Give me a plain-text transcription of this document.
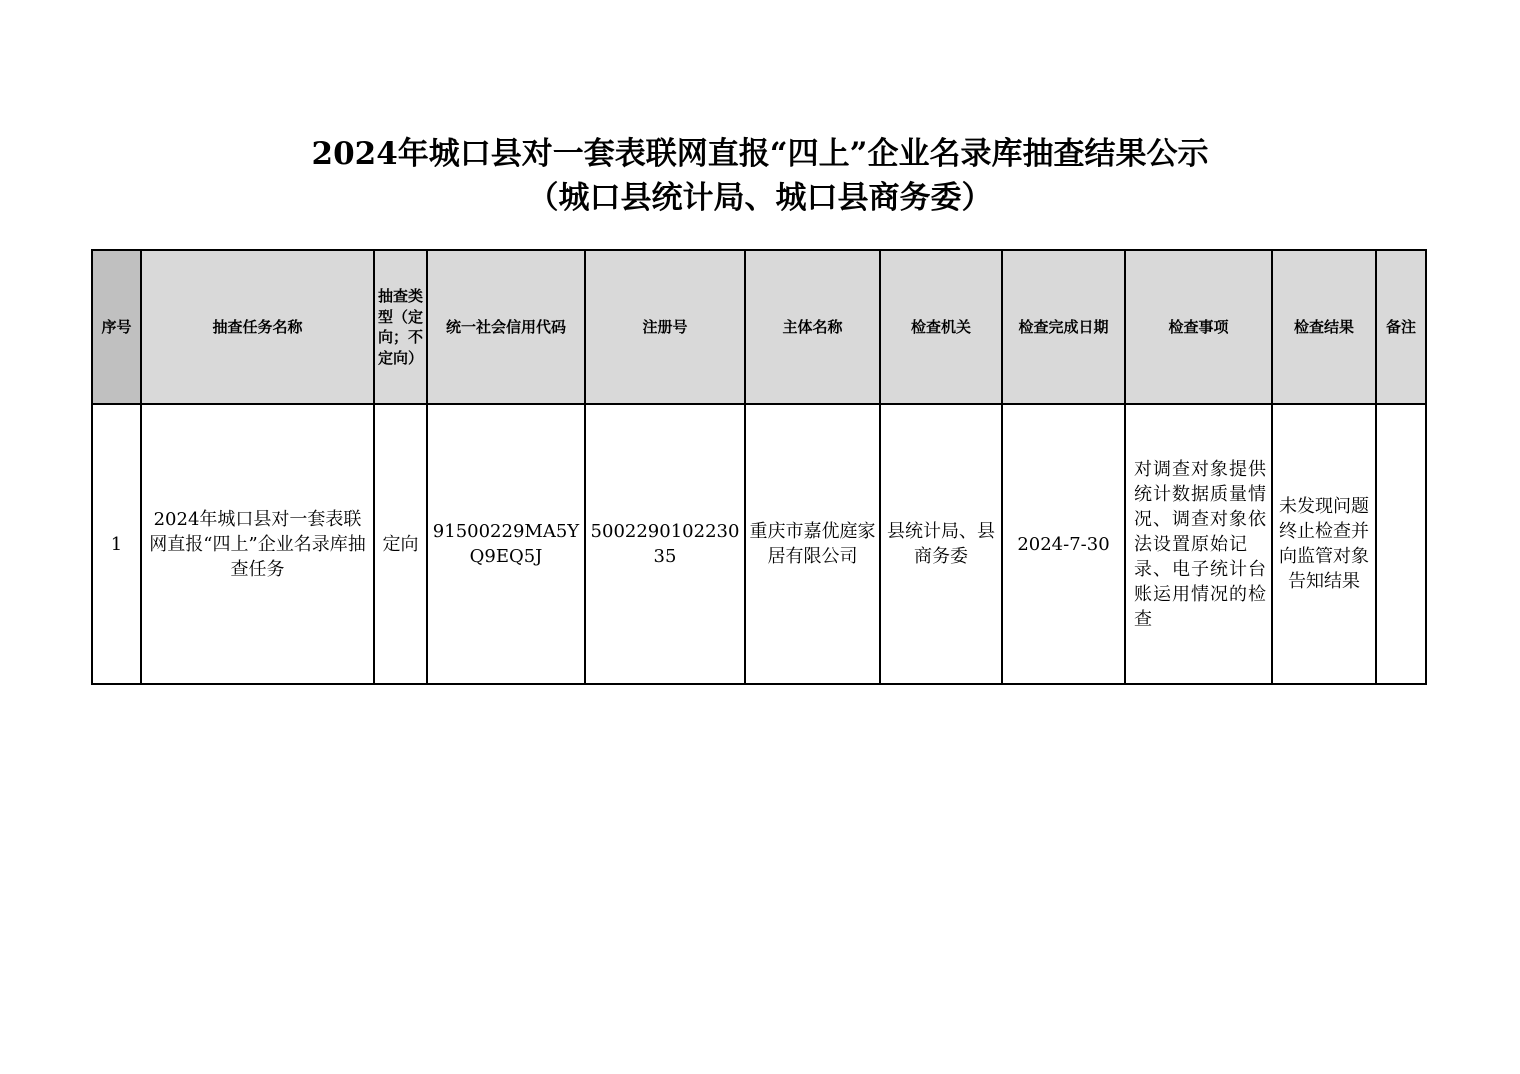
2024年城口县对一套表联网直报“四上”企业名录库抽查结果公示
（城口县统计局、城口县商务委）
序号	抽查任务名称	抽查类型（定向；不定向）	统一社会信用代码	注册号	主体名称	检查机关	检查完成日期	检查事项	检查结果	备注
1	2024年城口县对一套表联网直报“四上”企业名录库抽查任务	定向	91500229MA5YQ9EQ5J	500229010223035	重庆市嘉优庭家居有限公司	县统计局、县商务委	2024-7-30	对调查对象提供统计数据质量情况、调查对象依法设置原始记录、电子统计台账运用情况的检查	未发现问题终止检查并向监管对象告知结果	
